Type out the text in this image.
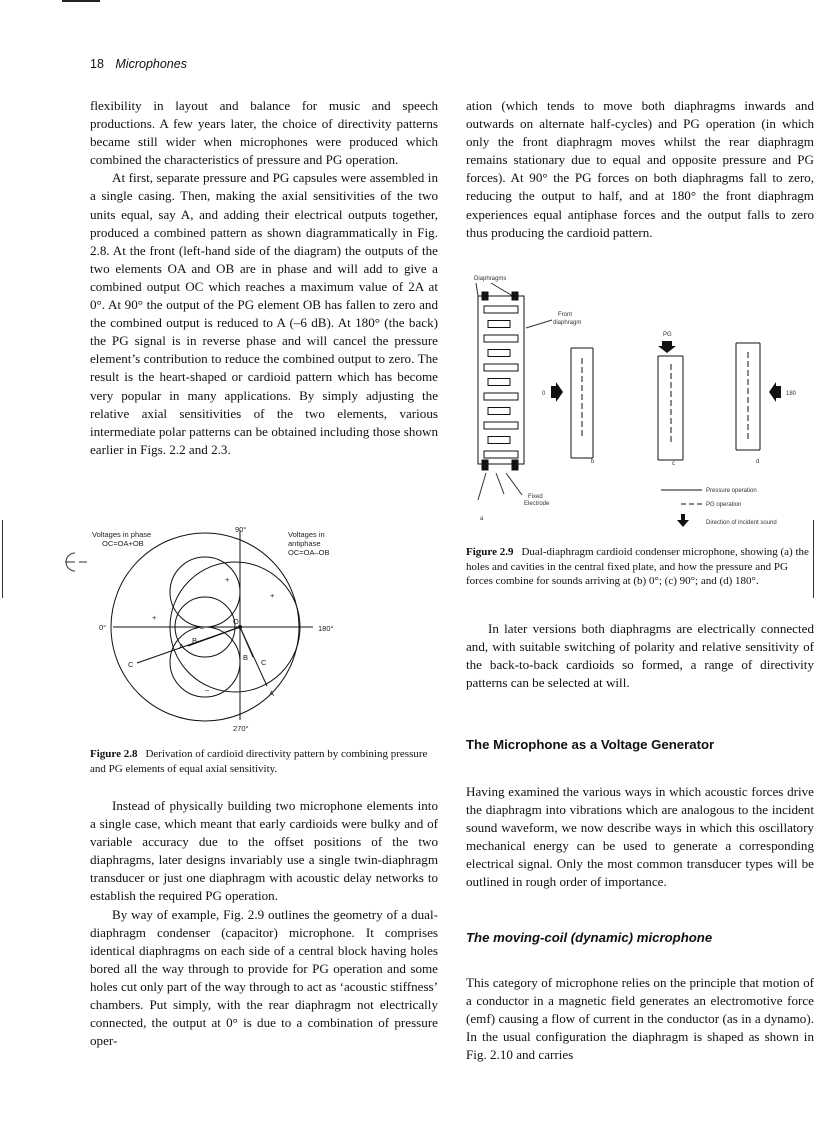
18 Microphones

flexibility in layout and balance for music and speech productions. A few years later, the choice of directivity patterns became still wider when microphones were produced which combined the characteristics of pressure and PG operation.

At first, separate pressure and PG capsules were assembled in a single casing. Then, making the axial sensitivities of the two units equal, say A, and adding their electrical outputs together, produced a combined pattern as shown diagrammatically in Fig. 2.8. At the front (left-hand side of the diagram) the outputs of the two elements OA and OB are in phase and will add to give a combined output OC which reaches a maximum value of 2A at 0°. At 90° the output of the PG element OB has fallen to zero and the combined output is reduced to A (–6 dB). At 180° (the back) the PG signal is in reverse phase and will cancel the pressure element’s contribution to reduce the combined output to zero. The result is the heart-shaped or cardioid pattern which has become very popular in many applications. By simply adjusting the relative axial sensitivities of the two elements, various intermediate polar patterns can be obtained including those shown earlier in Figs. 2.2 and 2.3.

Voltages in phase OC=OA+OB
Voltages in antiphase OC=OA–OB
90°
0°	180°
270°
O
A
B
C
B
C
A
+
+
+
–
–
Figure 2.8 Derivation of cardioid directivity pattern by combining pressure and PG elements of equal axial sensitivity.

Instead of physically building two microphone elements into a single case, which meant that early cardioids were bulky and of variable accuracy due to the offset positions of the two diaphragms, later designs invariably use a single twin-diaphragm transducer or just one diaphragm with acoustic delay networks to establish the required PG operation.

By way of example, Fig. 2.9 outlines the geometry of a dual-diaphragm condenser (capacitor) microphone. It comprises identical diaphragms on each side of a central block having holes bored all the way through to provide for PG operation and some holes cut only part of the way through to act as ‘acoustic stiffness’ chambers. Put simply, with the rear diaphragm not electrically connected, the output at 0° is due to a combination of pressure oper-

ation (which tends to move both diaphragms inwards and outwards on alternate half-cycles) and PG operation (in which only the front diaphragm moves whilst the rear diaphragm remains stationary due to equal and opposite pressure and PG forces). At 90° the PG forces on both diaphragms fall to zero, reducing the output to half, and at 180° the front diaphragm experiences equal antiphase forces and the output falls to zero thus producing the cardioid pattern.

Diaphragms
Front diaphragm
Fixed Electrode
a
0
b
PG
c
180
d
Pressure operation
PG operation
Direction of incident sound
Figure 2.9 Dual-diaphragm cardioid condenser microphone, showing (a) the holes and cavities in the central fixed plate, and how the pressure and PG forces combine for sounds arriving at (b) 0°; (c) 90°; and (d) 180°.

In later versions both diaphragms are electrically connected and, with suitable switching of polarity and relative sensitivity of the back-to-back cardioids so formed, a range of directivity patterns can be selected at will.

The Microphone as a Voltage Generator

Having examined the various ways in which acoustic forces drive the diaphragm into vibrations which are analogous to the incident sound waveform, we now describe ways in which this oscillatory mechanical energy can be used to generate a corresponding electrical signal. Only the most common transducer types will be outlined in rough order of importance.

The moving-coil (dynamic) microphone

This category of microphone relies on the principle that motion of a conductor in a magnetic field generates an electromotive force (emf) causing a flow of current in the conductor (as in a dynamo). In the usual configuration the diaphragm is shaped as shown in Fig. 2.10 and carries
